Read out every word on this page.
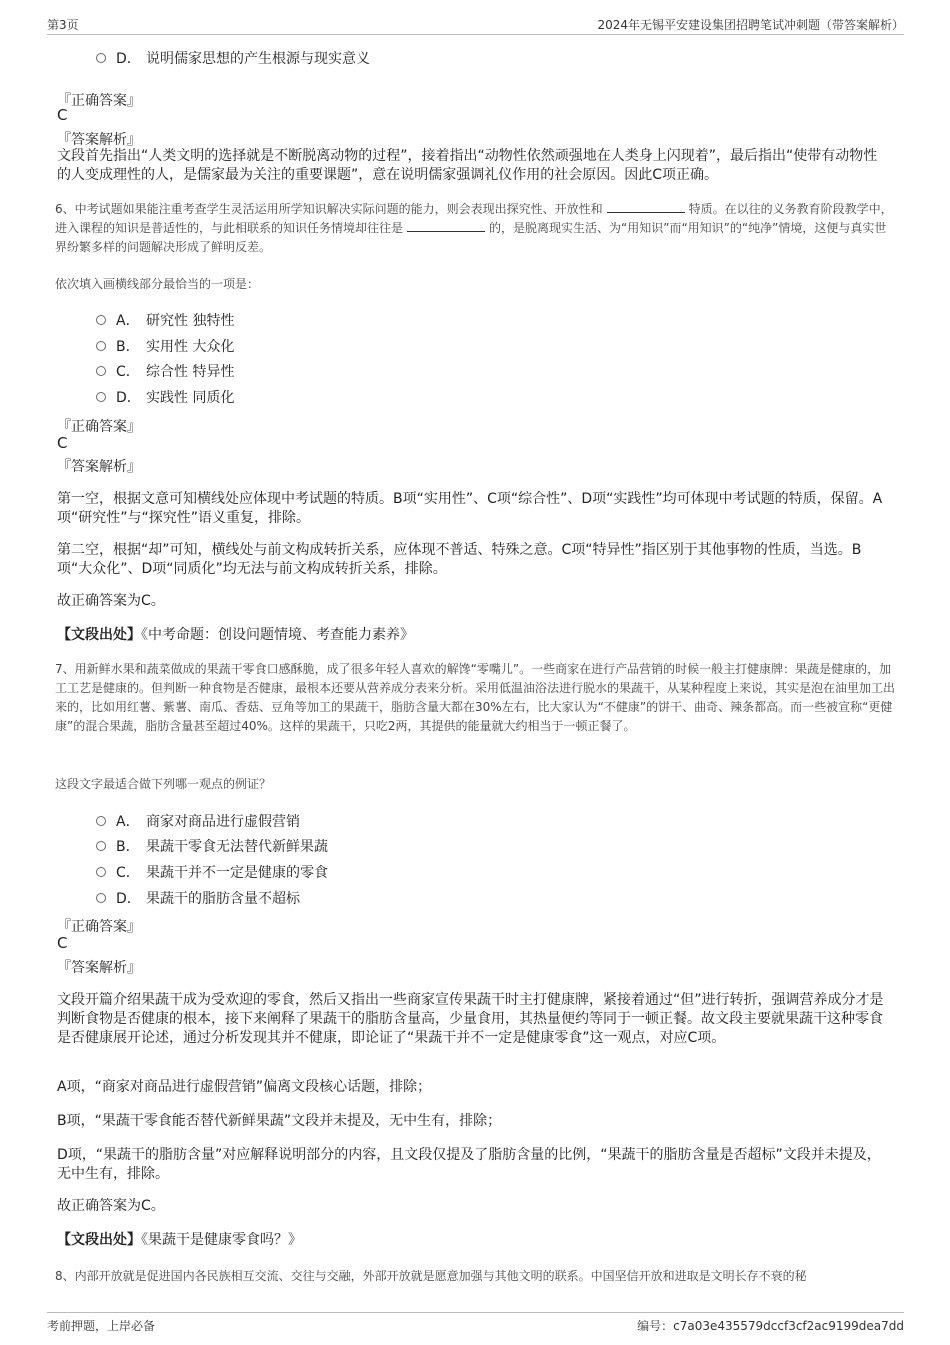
第3页	2024年无锡平安建设集团招聘笔试冲刺题（带答案解析）
D． 说明儒家思想的产生根源与现实意义
『正确答案』
C
『答案解析』
文段首先指出“人类文明的选择就是不断脱离动物的过程”，接着指出“动物性依然顽强地在人类身上闪现着”，最后指出“使带有动物性的人变成理性的人，是儒家最为关注的重要课题”，意在说明儒家强调礼仪作用的社会原因。因此C项正确。
6、中考试题如果能注重考查学生灵活运用所学知识解决实际问题的能力，则会表现出探究性、开放性和	特质。在以往的义务教育阶段教学中，进入课程的知识是普适性的，与此相联系的知识任务情境却往往是	的，是脱离现实生活、为“用知识”而“用知识”的“纯净”情境，这便与真实世界纷繁多样的问题解决形成了鲜明反差。
依次填入画横线部分最恰当的一项是：
A． 研究性 独特性
B． 实用性 大众化
C． 综合性 特异性
D． 实践性 同质化
『正确答案』
C
『答案解析』
第一空，根据文意可知横线处应体现中考试题的特质。B项“实用性”、C项“综合性”、D项“实践性”均可体现中考试题的特质，保留。A项“研究性”与“探究性”语义重复，排除。
第二空，根据“却”可知，横线处与前文构成转折关系，应体现不普适、特殊之意。C项“特异性”指区别于其他事物的性质，当选。B项“大众化”、D项“同质化”均无法与前文构成转折关系，排除。
故正确答案为C。
【文段出处】《中考命题：创设问题情境、考查能力素养》
7、用新鲜水果和蔬菜做成的果蔬干零食口感酥脆，成了很多年轻人喜欢的解馋“零嘴儿”。一些商家在进行产品营销的时候一般主打健康牌：果蔬是健康的，加工工艺是健康的。但判断一种食物是否健康，最根本还要从营养成分表来分析。采用低温油浴法进行脱水的果蔬干，从某种程度上来说，其实是泡在油里加工出来的，比如用红薯、紫薯、南瓜、香菇、豆角等加工的果蔬干，脂肪含量大都在30%左右，比大家认为“不健康”的饼干、曲奇、辣条都高。而一些被宣称“更健康”的混合果蔬，脂肪含量甚至超过40%。这样的果蔬干，只吃2两，其提供的能量就大约相当于一顿正餐了。
这段文字最适合做下列哪一观点的例证？
A． 商家对商品进行虚假营销
B． 果蔬干零食无法替代新鲜果蔬
C． 果蔬干并不一定是健康的零食
D． 果蔬干的脂肪含量不超标
『正确答案』
C
『答案解析』
文段开篇介绍果蔬干成为受欢迎的零食，然后又指出一些商家宣传果蔬干时主打健康牌，紧接着通过“但”进行转折，强调营养成分才是判断食物是否健康的根本，接下来阐释了果蔬干的脂肪含量高，少量食用，其热量便约等同于一顿正餐。故文段主要就果蔬干这种零食是否健康展开论述，通过分析发现其并不健康，即论证了“果蔬干并不一定是健康零食”这一观点，对应C项。
A项，“商家对商品进行虚假营销”偏离文段核心话题，排除；
B项，“果蔬干零食能否替代新鲜果蔬”文段并未提及，无中生有，排除；
D项，“果蔬干的脂肪含量”对应解释说明部分的内容，且文段仅提及了脂肪含量的比例，“果蔬干的脂肪含量是否超标”文段并未提及，无中生有，排除。
故正确答案为C。
【文段出处】《果蔬干是健康零食吗？》
8、内部开放就是促进国内各民族相互交流、交往与交融，外部开放就是愿意加强与其他文明的联系。中国坚信开放和进取是文明长存不衰的秘
考前押题，上岸必备	编号：c7a03e435579dccf3cf2ac9199dea7dd
